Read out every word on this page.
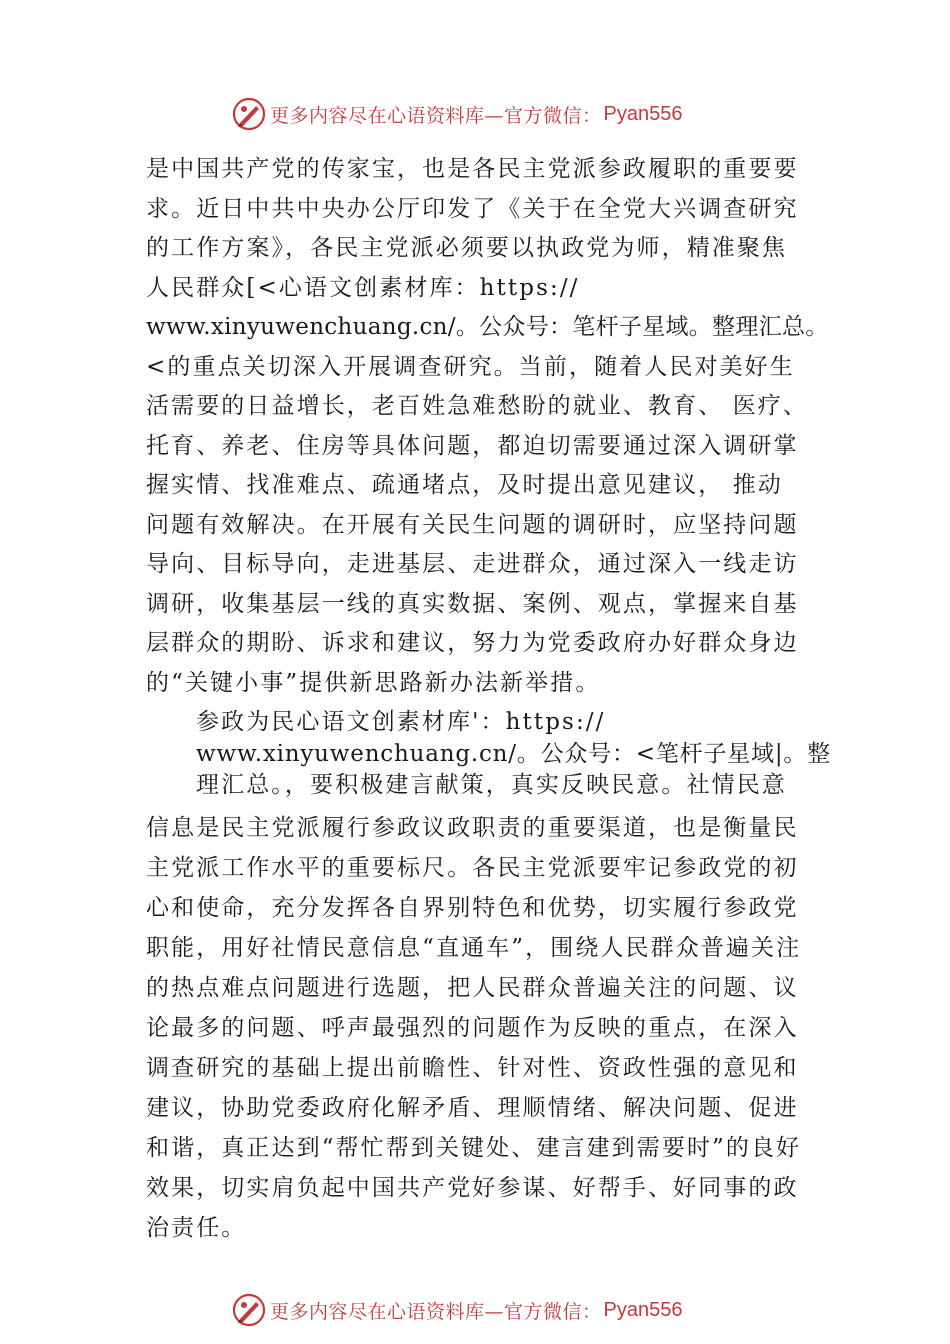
更多内容尽在心语资料库—官方微信： Pyan556
是中国共产党的传家宝，也是各民主党派参政履职的重要要
求。近日中共中央办公厅印发了《关于在全党大兴调查研究
的工作方案》，各民主党派必须要以执政党为师，精准聚焦
人民群众[<心语文创素材库：https://
www.xinyuwenchuang.cn/。公众号：笔杆子星域。整理汇总。
<的重点关切深入开展调查研究。当前，随着人民对美好生
活需要的日益增长，老百姓急难愁盼的就业、教育、 医疗、
托育、养老、住房等具体问题，都迫切需要通过深入调研掌
握实情、找准难点、疏通堵点，及时提出意见建议， 推动
问题有效解决。在开展有关民生问题的调研时，应坚持问题
导向、目标导向，走进基层、走进群众，通过深入一线走访
调研，收集基层一线的真实数据、案例、观点，掌握来自基
层群众的期盼、诉求和建议，努力为党委政府办好群众身边
的“关键小事”提供新思路新办法新举措。
参政为民心语文创素材库'：https://
www.xinyuwenchuang.cn/。公众号：<笔杆子星域|。整
理汇总。，要积极建言献策，真实反映民意。社情民意
信息是民主党派履行参政议政职责的重要渠道，也是衡量民
主党派工作水平的重要标尺。各民主党派要牢记参政党的初
心和使命，充分发挥各自界别特色和优势，切实履行参政党
职能，用好社情民意信息“直通车”，围绕人民群众普遍关注
的热点难点问题进行选题，把人民群众普遍关注的问题、议
论最多的问题、呼声最强烈的问题作为反映的重点，在深入
调查研究的基础上提出前瞻性、针对性、资政性强的意见和
建议，协助党委政府化解矛盾、理顺情绪、解决问题、促进
和谐，真正达到“帮忙帮到关键处、建言建到需要时”的良好
效果，切实肩负起中国共产党好参谋、好帮手、好同事的政
治责任。
更多内容尽在心语资料库—官方微信： Pyan556
